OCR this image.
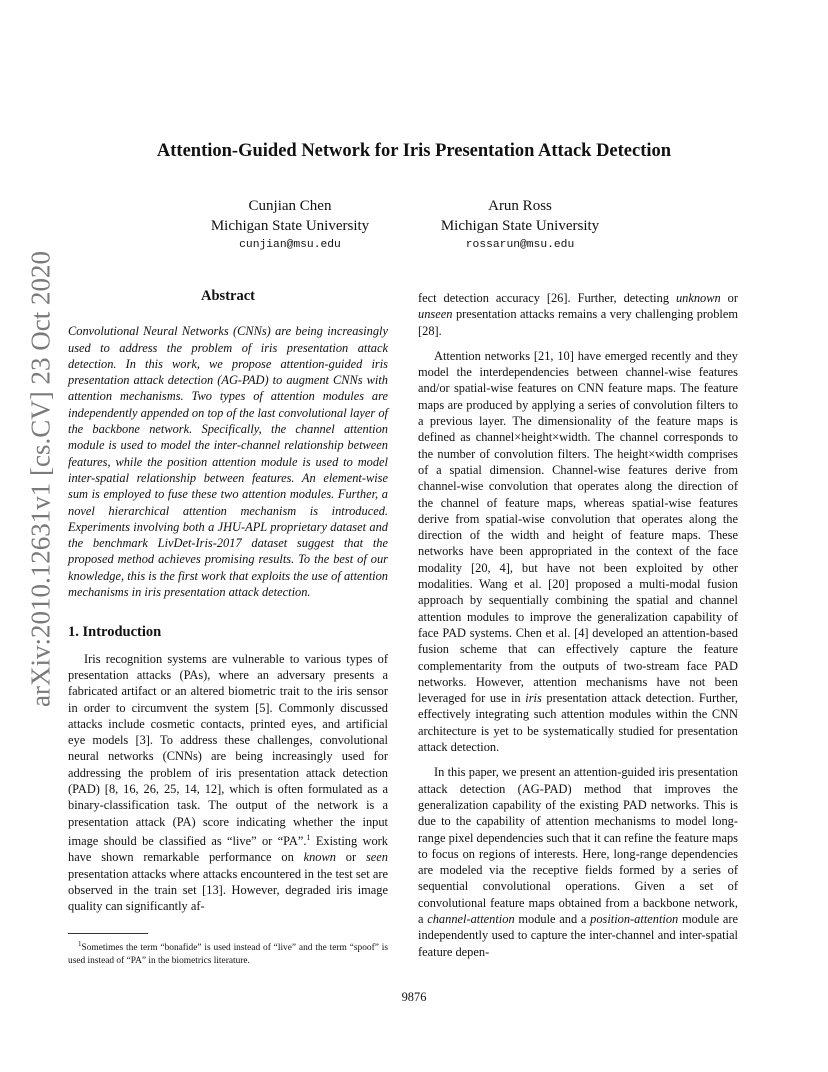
Attention-Guided Network for Iris Presentation Attack Detection
Cunjian Chen
Michigan State University
cunjian@msu.edu
Arun Ross
Michigan State University
rossarun@msu.edu
arXiv:2010.12631v1 [cs.CV] 23 Oct 2020	Abstract

Convolutional Neural Networks (CNNs) are being increasingly used to address the problem of iris presentation attack detection. In this work, we propose attention-guided iris presentation attack detection (AG-PAD) to augment CNNs with attention mechanisms. Two types of attention modules are independently appended on top of the last convolutional layer of the backbone network. Specifically, the channel attention module is used to model the inter-channel relationship between features, while the position attention module is used to model inter-spatial relationship between features. An element-wise sum is employed to fuse these two attention modules. Further, a novel hierarchical attention mechanism is introduced. Experiments involving both a JHU-APL proprietary dataset and the benchmark LivDet-Iris-2017 dataset suggest that the proposed method achieves promising results. To the best of our knowledge, this is the first work that exploits the use of attention mechanisms in iris presentation attack detection.

1. Introduction

Iris recognition systems are vulnerable to various types of presentation attacks (PAs), where an adversary presents a fabricated artifact or an altered biometric trait to the iris sensor in order to circumvent the system [5]. Commonly discussed attacks include cosmetic contacts, printed eyes, and artificial eye models [3]. To address these challenges, convolutional neural networks (CNNs) are being increasingly used for addressing the problem of iris presentation attack detection (PAD) [8, 16, 26, 25, 14, 12], which is often formulated as a binary-classification task. The output of the network is a presentation attack (PA) score indicating whether the input image should be classified as “live” or “PA”.$^1$ Existing work have shown remarkable performance on known or seen presentation attacks where attacks encountered in the test set are observed in the train set [13]. However, degraded iris image quality can significantly af-

$^1$Sometimes the term “bonafide” is used instead of “live” and the term “spoof” is used instead of “PA” in the biometrics literature.

fect detection accuracy [26]. Further, detecting unknown or unseen presentation attacks remains a very challenging problem [28].

Attention networks [21, 10] have emerged recently and they model the interdependencies between channel-wise features and/or spatial-wise features on CNN feature maps. The feature maps are produced by applying a series of convolution filters to a previous layer. The dimensionality of the feature maps is defined as channel×height×width. The channel corresponds to the number of convolution filters. The height×width comprises of a spatial dimension. Channel-wise features derive from channel-wise convolution that operates along the direction of the channel of feature maps, whereas spatial-wise features derive from spatial-wise convolution that operates along the direction of the width and height of feature maps. These networks have been appropriated in the context of the face modality [20, 4], but have not been exploited by other modalities. Wang et al. [20] proposed a multi-modal fusion approach by sequentially combining the spatial and channel attention modules to improve the generalization capability of face PAD systems. Chen et al. [4] developed an attention-based fusion scheme that can effectively capture the feature complementarity from the outputs of two-stream face PAD networks. However, attention mechanisms have not been leveraged for use in iris presentation attack detection. Further, effectively integrating such attention modules within the CNN architecture is yet to be systematically studied for presentation attack detection.

In this paper, we present an attention-guided iris presentation attack detection (AG-PAD) method that improves the generalization capability of the existing PAD networks. This is due to the capability of attention mechanisms to model long-range pixel dependencies such that it can refine the feature maps to focus on regions of interests. Here, long-range dependencies are modeled via the receptive fields formed by a series of sequential convolutional operations. Given a set of convolutional feature maps obtained from a backbone network, a channel-attention module and a position-attention module are independently used to capture the inter-channel and inter-spatial feature depen-

9876
